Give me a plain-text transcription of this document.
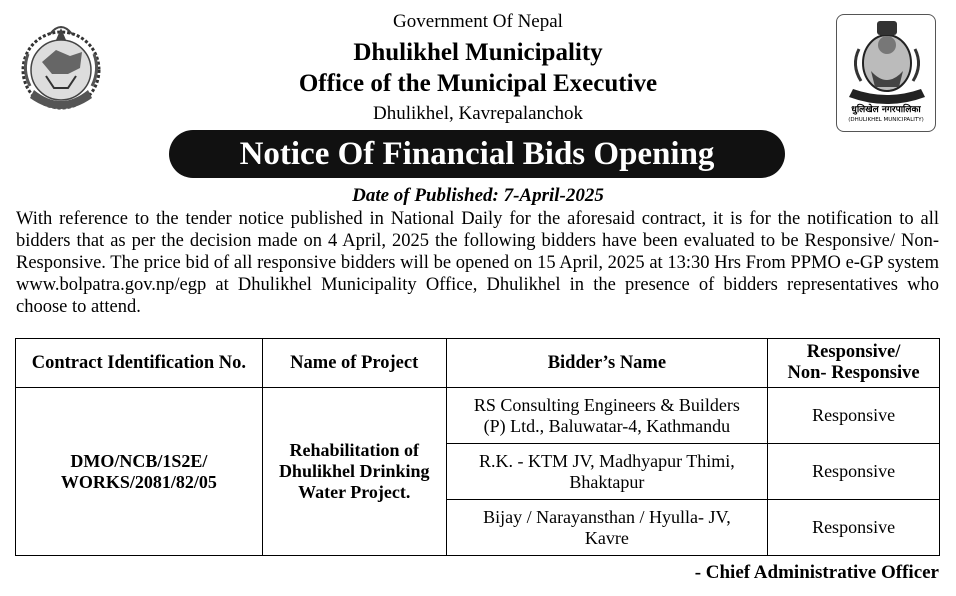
धुलिखेल नगरपालिका
(DHULIKHEL MUNICIPALITY)
Government Of Nepal
Dhulikhel Municipality
Office of the Municipal Executive
Dhulikhel, Kavrepalanchok
Notice Of Financial Bids Opening
Date of Published: 7-April-2025

With reference to the tender notice published in National Daily for the aforesaid contract, it is for the notification to all bidders that as per the decision made on 4 April, 2025 the following bidders have been evaluated to be Responsive/ Non-Responsive. The price bid of all responsive bidders will be opened on 15 April, 2025 at 13:30 Hrs From PPMO e-GP system www.bolpatra.gov.np/egp at Dhulikhel Municipality Office, Dhulikhel in the presence of bidders representatives who choose to attend.

Contract Identification No.	Name of Project	Bidder’s Name	Responsive/
Non- Responsive
DMO/NCB/1S2E/
WORKS/2081/82/05	Rehabilitation of
Dhulikhel Drinking
Water Project.	RS Consulting Engineers & Builders
(P) Ltd., Baluwatar-4, Kathmandu	Responsive
		R.K. - KTM JV, Madhyapur Thimi,
Bhaktapur	Responsive
		Bijay / Narayansthan / Hyulla- JV,
Kavre	Responsive
- Chief Administrative Officer
